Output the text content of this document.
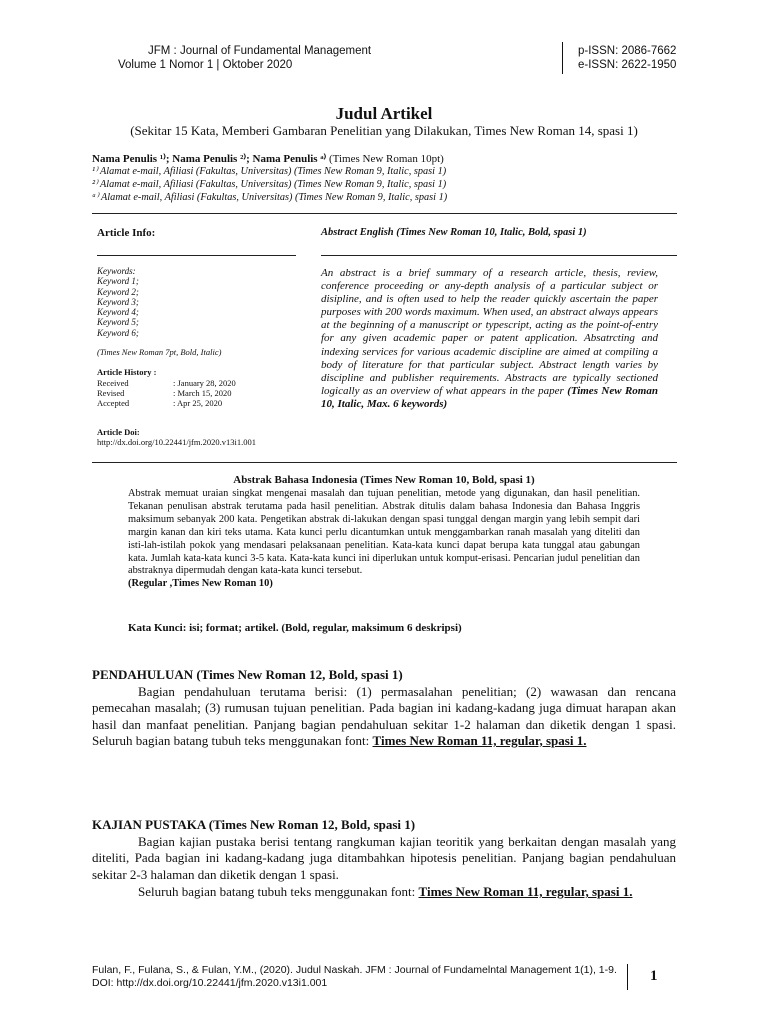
JFM : Journal of Fundamental Management
Volume 1 Nomor 1 | Oktober 2020
p-ISSN: 2086-7662
e-ISSN: 2622-1950
Judul Artikel
(Sekitar 15 Kata, Memberi Gambaran Penelitian yang Dilakukan, Times New Roman 14, spasi 1)
Nama Penulis ¹⁾; Nama Penulis ²⁾; Nama Penulis ᵃ⁾ (Times New Roman 10pt)
¹⁾ Alamat e-mail, Afiliasi (Fakultas, Universitas) (Times New Roman 9, Italic, spasi 1)
²⁾ Alamat e-mail, Afiliasi (Fakultas, Universitas) (Times New Roman 9, Italic, spasi 1)
ᵃ⁾ Alamat e-mail, Afiliasi (Fakultas, Universitas) (Times New Roman 9, Italic, spasi 1)
Article Info:	Abstract English (Times New Roman 10, Italic, Bold, spasi 1)
Keywords:
Keyword 1;
Keyword 2;
Keyword 3;
Keyword 4;
Keyword 5;
Keyword 6;
(Times New Roman 7pt, Bold, Italic)
Article History :
Received	: January 28, 2020
Revised	: March 15, 2020
Accepted	: Apr 25, 2020
Article Doi:
http://dx.doi.org/10.22441/jfm.2020.v13i1.001
An abstract is a brief summary of a research article, thesis, review, conference proceeding or any-depth analysis of a particular subject or disipline, and is often used to help the reader quickly ascertain the paper purposes with 200 words maximum. When used, an abstract always appears at the beginning of a manuscript or typescript, acting as the point-of-entry for any given academic paper or patent application. Absatrcting and indexing services for various academic discipline are aimed at compiling a body of literature for that particular subject. Abstract length varies by discipline and publisher requirements. Abstracts are typically sectioned logically as an overview of what appears in the paper (Times New Roman 10, Italic, Max. 6 keywords)
Abstrak Bahasa Indonesia (Times New Roman 10, Bold, spasi 1)
Abstrak memuat uraian singkat mengenai masalah dan tujuan penelitian, metode yang digunakan, dan hasil penelitian. Tekanan penulisan abstrak terutama pada hasil penelitian. Abstrak ditulis dalam bahasa Indonesia dan Bahasa Inggris maksimum sebanyak 200 kata. Pengetikan abstrak di-lakukan dengan spasi tunggal dengan margin yang lebih sempit dari margin kanan dan kiri teks utama. Kata kunci perlu dicantumkan untuk menggambarkan ranah masalah yang diteliti dan isti-lah-istilah pokok yang mendasari pelaksanaan penelitian. Kata-kata kunci dapat berupa kata tunggal atau gabungan kata. Jumlah kata-kata kunci 3-5 kata. Kata-kata kunci ini diperlukan untuk komput-erisasi. Pencarian judul penelitian dan abstraknya dipermudah dengan kata-kata kunci tersebut.
(Regular ,Times New Roman 10)
Kata Kunci: isi; format; artikel. (Bold, regular, maksimum 6 deskripsi)
PENDAHULUAN (Times New Roman 12, Bold, spasi 1)
Bagian pendahuluan terutama berisi: (1) permasalahan penelitian; (2) wawasan dan rencana pemecahan masalah; (3) rumusan tujuan penelitian. Pada bagian ini kadang-kadang juga dimuat harapan akan hasil dan manfaat penelitian. Panjang bagian pendahuluan sekitar 1-2 halaman dan diketik dengan 1 spasi. Seluruh bagian batang tubuh teks menggunakan font: Times New Roman 11, regular, spasi 1.
KAJIAN PUSTAKA (Times New Roman 12, Bold, spasi 1)
Bagian kajian pustaka berisi tentang rangkuman kajian teoritik yang berkaitan dengan masalah yang diteliti, Pada bagian ini kadang-kadang juga ditambahkan hipotesis penelitian. Panjang bagian pendahuluan sekitar 2-3 halaman dan diketik dengan 1 spasi.
Seluruh bagian batang tubuh teks menggunakan font: Times New Roman 11, regular, spasi 1.
Fulan, F., Fulana, S., & Fulan, Y.M., (2020). Judul Naskah. JFM : Journal of Fundamelntal Management 1(1), 1-9. DOI: http://dx.doi.org/10.22441/jfm.2020.v13i1.001	1
